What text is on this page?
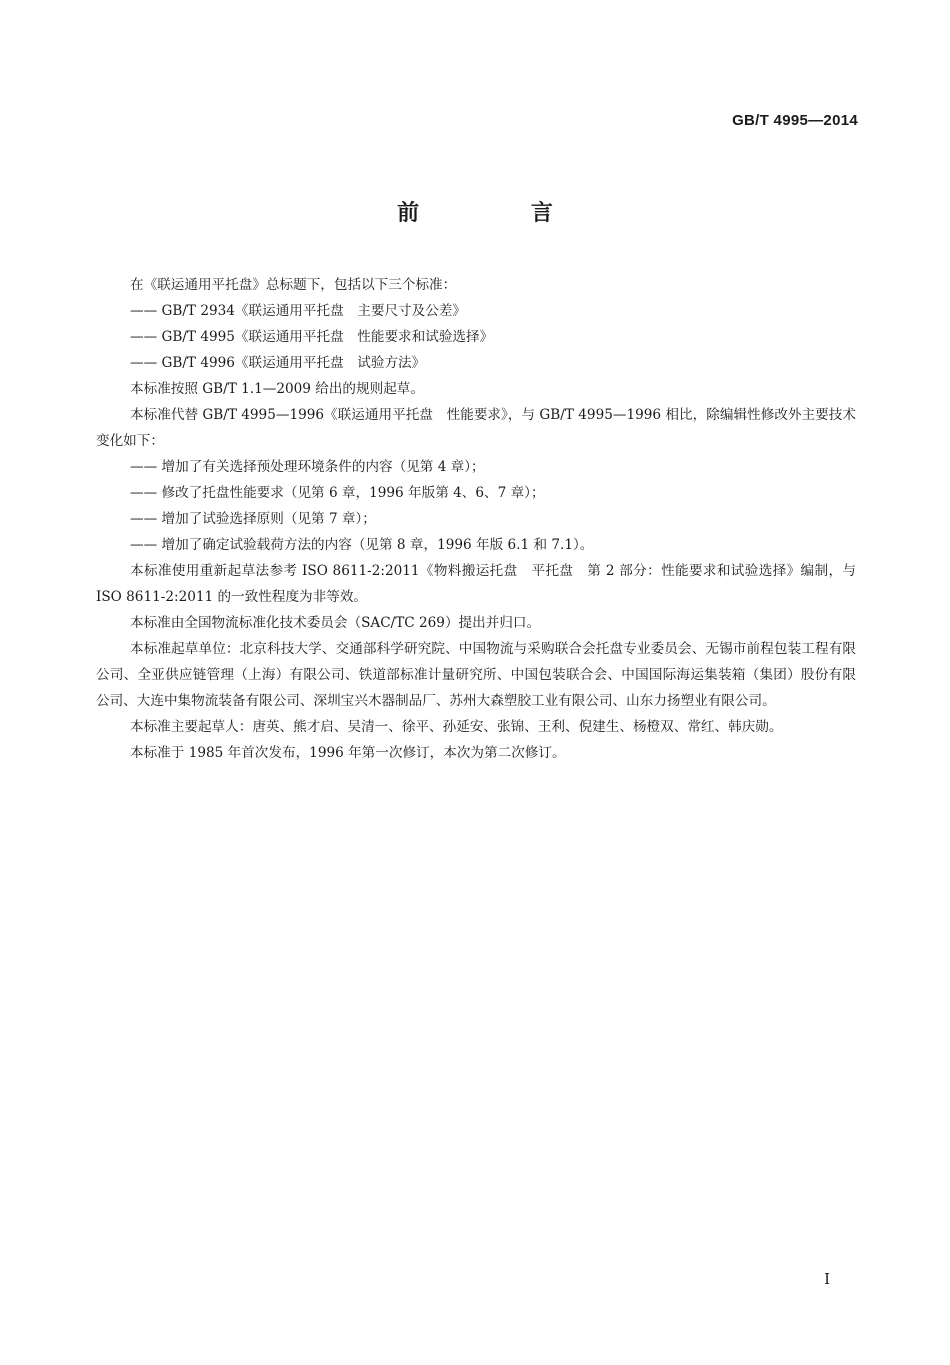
GB/T 4995—2014
前 言

在《联运通用平托盘》总标题下，包括以下三个标准：

—— GB/T 2934《联运通用平托盘　主要尺寸及公差》

—— GB/T 4995《联运通用平托盘　性能要求和试验选择》

—— GB/T 4996《联运通用平托盘　试验方法》

本标准按照 GB/T 1.1—2009 给出的规则起草。

本标准代替 GB/T 4995—1996《联运通用平托盘　性能要求》，与 GB/T 4995—1996 相比，除编辑性修改外主要技术变化如下：

—— 增加了有关选择预处理环境条件的内容（见第 4 章）；

—— 修改了托盘性能要求（见第 6 章，1996 年版第 4、6、7 章）；

—— 增加了试验选择原则（见第 7 章）；

—— 增加了确定试验载荷方法的内容（见第 8 章，1996 年版 6.1 和 7.1）。

本标准使用重新起草法参考 ISO 8611-2:2011《物料搬运托盘　平托盘　第 2 部分：性能要求和试验选择》编制，与 ISO 8611-2:2011 的一致性程度为非等效。

本标准由全国物流标准化技术委员会（SAC/TC 269）提出并归口。

本标准起草单位：北京科技大学、交通部科学研究院、中国物流与采购联合会托盘专业委员会、无锡市前程包装工程有限公司、全亚供应链管理（上海）有限公司、铁道部标准计量研究所、中国包装联合会、中国国际海运集装箱（集团）股份有限公司、大连中集物流装备有限公司、深圳宝兴木器制品厂、苏州大森塑胶工业有限公司、山东力扬塑业有限公司。

本标准主要起草人：唐英、熊才启、吴清一、徐平、孙延安、张锦、王利、倪建生、杨橙双、常红、韩庆勋。

本标准于 1985 年首次发布，1996 年第一次修订，本次为第二次修订。

I
